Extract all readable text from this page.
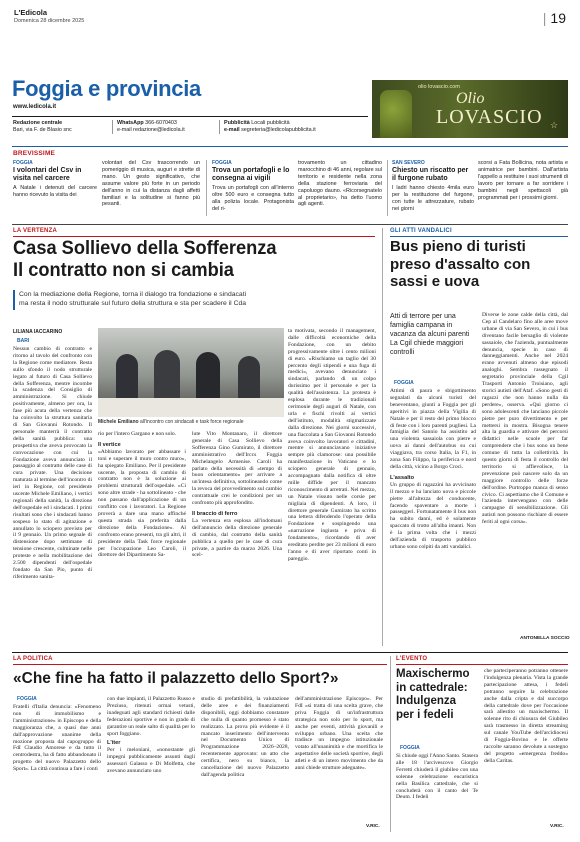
L'Edicola
Domenica 28 dicembre 2025	| 19
Foggia e provincia
www.ledicola.it
olio lovascio.com
Olio
LOVASCIO ☆
Redazione centrale
Bari, via F. de Blasio snc
WhatsApp 366-6070403
e-mail redazione@ledicola.it
Pubblicità Locali pubblicità
e-mail segreteria@ledicolapubblicita.it
BREVISSIME
FOGGIA
I volontari del Csv in visita nel carcere
A Natale i detenuti del carcere hanno ricevuto la visita dei
volontari del Csv trascorrendo un pomeriggio di musica, auguri e strette di mano. Un gesto significativo, che assume valore più forte in un periodo dell'anno in cui la distanza dagli affetti familiari e la solitudine si fanno più pesanti.
FOGGIA
Trova un portafogli e lo consegna ai vigili
Trova un portafogli con all'interno oltre 500 euro e consegna tutto alla polizia locale. Protagonista del ri-
trovamento un cittadino marocchino di 46 anni, regolare sul territorio e residente nella zona della stazione ferroviaria del capoluogo dauno. «Ricorsegnatelo al proprietario», ha detto l'uomo agli agenti.
SAN SEVERO
Chiesto un riscatto per il furgone rubato
I ladri hanno chiesto 4mila euro per la restituzione del furgone, con tutte le attrezzature, rubato nei giorni
scorsi a Fata Bollicina, nota artista e animatrice per bambini. Dall'artista l'appello a restituire i suoi strumenti di lavoro per tornare a far sorridere i bambini negli spettacoli già programmati per i prossimi giorni.
LA VERTENZA
Casa Sollievo della Sofferenza
Il contratto non si cambia
Con la mediazione della Regione, torna il dialogo tra fondazione e sindacati
ma resta il nodo strutturale sul futuro della struttura e sta per scadere il Cda
LILIANA IACCARINO
BARI
Nessun cambio di contratto e ritorno al tavolo del confronto con la Regione come mediatore. Resta sullo sfondo il nodo strutturale legato al futuro di Casa Sollievo della Sofferenza, mentre incombe la scadenza del Consiglio di amministrazione. Si chiude positivamente, almeno per ora, la fase più acuta della vertenza che ha coinvolto la struttura sanitaria di San Giovanni Rotondo. Il personale manterrà il contratto della sanità pubblica: una prospettiva che aveva provocato la convocazione con cui la Fondazione aveva annunciato il passaggio al contratto delle case di cura private. Una decisione maturata al termine dell'incontro di ieri in Regione, col presidente uscente Michele Emiliano, i vertici regionali della sanità, la direzione dell'ospedale ed i sindacati. I primi risultati sono che i sindacati hanno sospeso lo stato di agitazione e annullato lo sciopero previsto per il 9 gennaio. Un primo segnale di distensione dopo settimane di tensione crescente, culminate nelle proteste e nella mobilitazione dei 2.500 dipendenti dell'ospedale fondato da San Pio, punto di riferimento sanita-
Michele Emiliano all'incontro con sindacati e task force regionale

rio per l'intero Gargano e non solo.

Il vertice

«Abbiamo lavorato per abbassare i toni e superare il muro contro muro», ha spiegato Emiliano. Per il presidente uscente, la proposta di cambio di contratto non è la soluzione ai problemi strutturali dell'ospedale. «Ci sono altre strade - ha sottolineato - che non passano dall'applicazione di un conflitto con i lavoratori. La Regione proverà a dare una mano affinché questa strada sia preferita dalla direzione della Fondazione». Al confronto erano presenti, tra gli altri, il presidente della Task force regionale per l'occupazione Leo Caroli, il direttore del Dipartimento Sa-

lute Vito Montanaro, il direttore generale di Casa Sollievo della Sofferenza Gino Gumirato, il direttore amministrativo dell'Irccs Foggia Michelangelo Armenise. Caroli ha parlato della necessità di «tempo di buon orientamento» per arrivare a un'intesa definitiva, sottolineando come la revoca del provvedimento sul cambio contrattuale crei le condizioni per un confronto più approfondito.

Il braccio di ferro

La vertenza era esplosa all'indomani dell'annuncio della direzione generale di cambio, dal contratto della sanità pubblica a quello per le case di cura private, a partire da marzo 2026. Una scel-

ta motivata, secondo il management, dalle difficoltà economiche della Fondazione, con un debito progressivamente oltre i cento milioni di euro. «Rischiamo un taglio del 30 percento degli stipendi e una fuga di medici», avevano denunciato i sindacati, parlando di un colpo durissimo per il personale e per la qualità dell'assistenza. La protesta è esplosa durante le tradizionali cerimonie degli auguri di Natale, con urla e fischi rivolti ai vertici dell'istituto, modalità stigmatizzate dalla direzione. Nei giorni successivi, una fiaccolata a San Giovanni Rotondo aveva coinvolto lavoratori e cittadini, mentre si annunciavano iniziative sempre più clamorose: una possibile manifestazione in Vaticano e lo sciopero generale di gennaio, accompagnato dalla notifica di oltre mille diffide per il mancato riconoscimento di arretrati. Nel mezzo, un Natale vissuto nelle corsie per migliaia di dipendenti. A loro, il direttore generale Gumirato ha scritto una lettera difendendo l'operato della Fondazione e sospingendo una «narrazione ingiusta e priva di fondamento», ricordando di aver ereditato perdite per 23 milioni di euro l'anno e di aver riportato conti in pareggio.
GLI ATTI VANDALICI
Bus pieno di turisti preso d'assalto con sassi e uova
Atti di terrore per una famiglia campana in vacanza da alcuni parenti La Cgil chiede maggiori controlli
FOGGIA

Attimi di paura e sbigottimento segnalati da alcuni turisti del beneventano, giunti a Foggia per gli aperitivi in piazza della Vigilia di Natale e per il resto del primo blocco di feste con i loro parenti pugliesi. La famiglia del Sannio ha assistito ad una violenta sassaiola con pietre e uova ai danni dell'autobus su cui viaggiava, tra corso Italia, la F1, in zona San Filippo, la periferica e nord della città, vicino a Borgo Croci.

L'assalto

Un gruppo di ragazzini ha avvicinato il mezzo e ha lanciato uova e piccole pietre all'altezza del conducente, facendo spaventare a morte i passeggeri. Fortunatamente il bus non ha subito danni, ed è solamente spaccato di trotto all'alba imanti. Non è la prima volta che i mezzi dell'azienda di trasporto pubblico urbano sono colpiti da atti vandalici.

Diverse le zone calde della città, dal Cep al Candelaro fino alle aree move urbane di via San Severo, in cui i bus diventano facile bersaglio di violente sassaiole, che l'azienda, puntualmente denuncia, specie in caso di danneggiamenti. Anche nel 2024 erano avvenuti almeno due episodi analoghi. Sembra rassegnato il segretario provinciale della Cgil Trasporti Antonio Troisiano, agli storici autisti dell'Ataf. «Sono gesti di ragazzi che non hanno nulla da perdere», osserva. «Qui giorno ci sono adolescenti che lanciano piccole pietre per puro divertimento e per mettersi in mostra. Bisogna tenere alta la guardia e attivare dei percorsi didattici nelle scuole per far comprendere che i bus sono un bene comune di tutta la collettività. In questo giorni di festa il controllo del territorio si affievolisce, la prevenzione può nascere solo da un maggiore controllo delle forze dell'ordine. Purtroppo manca di senso civico. Ci aspettiamo che il Comune e l'azienda intervengano con delle campagne di sensibilizzazione. Gli autisti non possono rischiare di essere feriti al ogni corsa».
ANTONELLA SOCCIO
LA POLITICA
«Che fine ha fatto il palazzetto dello Sport?»
FOGGIA
Fratelli d'Italia denuncia: «Fenomeno non di immobilismo e l'amministrazione» in Episcopo e della maggioranza che, a quasi due anni dall'approvazione unanime della mozione proposta dal capogruppo di FdI Claudio Amorese e da tutto il centrodestra, ha di fatto abbandonato il progetto del nuovo Palazzetto dello Sport». La città continua a fare i conti

con due impianti, il Palazzetto Russo e Preziuso, ritenuti ormai vetusti, inadeguati agli standard richiesti dalle federazioni sportive e non in grado di garantire un reale salto di qualità per lo sport foggiano.

L'iter

Per i meloniani, «nonostante gli impegni pubblicamente assunti dagli assessori Galasso e Di Molfetta, che avevano annunciato uno

studio di prefattibilità, la valutazione delle aree e dei finanziamenti disponibili, oggi dobbiamo constatare che nulla di quanto promesso è stato realizzato. La prova più evidente è il mancato inserimento dell'intervento nel Documento Unico di Programmazione 2026–2028, recentemente approvato: un atto che certifica, nero su bianco, la cancellazione del nuovo Palazzetto dall'agenda politica
dell'amministrazione Episcopo». Per FdI «si tratta di una scelta grave, che priva Foggia di un'infrastruttura strategica non solo per lo sport, ma anche per eventi, attività giovanili e sviluppo urbano. Una scelta che tradisce un impegno istituzionale votato all'unanimità e che mortifica le aspettative delle società sportive, degli atleti e di un intero movimento che da anni chiede strutture adeguate».
V.RIC.
L'EVENTO
Maxischermo in cattedrale: Indulgenza per i fedeli
FOGGIA
Si chiude oggi l'Anno Santo. Stasera alle 18 l'arcivescovo Giorgio Ferretti chiuderà il giubileo con una solenne celebrazione eucaristica nella Basilica cattedrale, che si concluderà con il canto del Te Deum. I fedeli
che parteciperanno potranno ottenere l'indulgenza plenaria. Vista la grande partecipazione attesa, i fedeli potranno seguire la celebrazione anche dalla cripta e dal succorpo della cattedrale dove per l'occasione sarà allestito un maxischermo. Il solenne rito di chiusura del Giubileo sarà trasmesso in diretta streaming sul canale YouTube dell'arcidiocesi di Foggia-Bovino e le offerte raccolte saranno devolute a sostegno del progetto «emergenza freddo» della Caritas.
V.RIC.
